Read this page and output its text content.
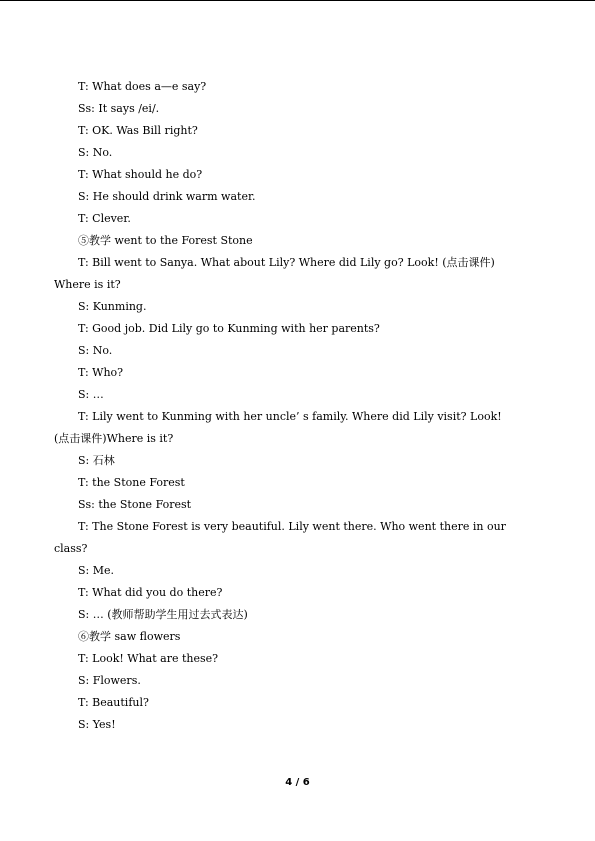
T: What does a—e say?
Ss: It says /ei/.
T: OK. Was Bill right?
S: No.
T: What should he do?
S: He should drink warm water.
T: Clever.
⑤教学 went to the Forest Stone
T: Bill went to Sanya. What about Lily? Where did Lily go? Look! (点击课件)
Where is it?
S: Kunming.
T: Good job. Did Lily go to Kunming with her parents?
S: No.
T: Who?
S: …
T: Lily went to Kunming with her uncle’ s family. Where did Lily visit? Look!
(点击课件)Where is it?
S: 石林
T: the Stone Forest
Ss: the Stone Forest
T: The Stone Forest is very beautiful. Lily went there. Who went there in our
class?
S: Me.
T: What did you do there?
S: … (教师帮助学生用过去式表达)
⑥教学 saw flowers
T: Look! What are these?
S: Flowers.
T: Beautiful?
S: Yes!
4 / 6
